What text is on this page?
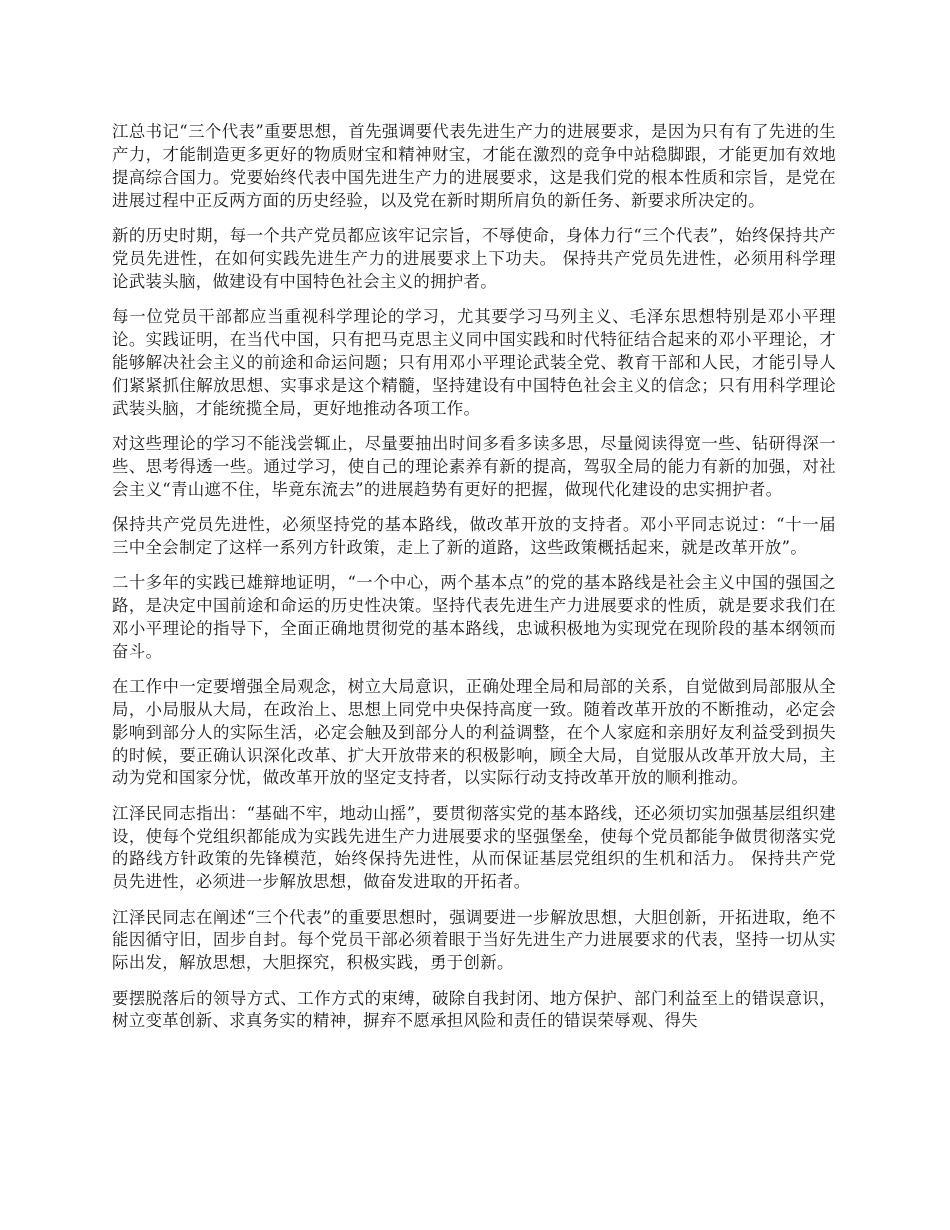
江总书记“三个代表”重要思想，首先强调要代表先进生产力的进展要求，是因为只有有了先进的生产力，才能制造更多更好的物质财宝和精神财宝，才能在激烈的竞争中站稳脚跟，才能更加有效地提高综合国力。党要始终代表中国先进生产力的进展要求，这是我们党的根本性质和宗旨，是党在进展过程中正反两方面的历史经验，以及党在新时期所肩负的新任务、新要求所决定的。

新的历史时期，每一个共产党员都应该牢记宗旨，不辱使命，身体力行“三个代表”，始终保持共产党员先进性，在如何实践先进生产力的进展要求上下功夫。 保持共产党员先进性，必须用科学理论武装头脑，做建设有中国特色社会主义的拥护者。

每一位党员干部都应当重视科学理论的学习，尤其要学习马列主义、毛泽东思想特别是邓小平理论。实践证明，在当代中国，只有把马克思主义同中国实践和时代特征结合起来的邓小平理论，才能够解决社会主义的前途和命运问题；只有用邓小平理论武装全党、教育干部和人民，才能引导人们紧紧抓住解放思想、实事求是这个精髓，坚持建设有中国特色社会主义的信念；只有用科学理论武装头脑，才能统揽全局，更好地推动各项工作。

对这些理论的学习不能浅尝辄止，尽量要抽出时间多看多读多思，尽量阅读得宽一些、钻研得深一些、思考得透一些。通过学习，使自己的理论素养有新的提高，驾驭全局的能力有新的加强，对社会主义“青山遮不住，毕竟东流去”的进展趋势有更好的把握，做现代化建设的忠实拥护者。

保持共产党员先进性，必须坚持党的基本路线，做改革开放的支持者。邓小平同志说过：“十一届三中全会制定了这样一系列方针政策，走上了新的道路，这些政策概括起来，就是改革开放”。

二十多年的实践已雄辩地证明，“一个中心，两个基本点”的党的基本路线是社会主义中国的强国之路，是决定中国前途和命运的历史性决策。坚持代表先进生产力进展要求的性质，就是要求我们在邓小平理论的指导下，全面正确地贯彻党的基本路线，忠诚积极地为实现党在现阶段的基本纲领而奋斗。

在工作中一定要增强全局观念，树立大局意识，正确处理全局和局部的关系，自觉做到局部服从全局，小局服从大局，在政治上、思想上同党中央保持高度一致。随着改革开放的不断推动，必定会影响到部分人的实际生活，必定会触及到部分人的利益调整，在个人家庭和亲朋好友利益受到损失的时候，要正确认识深化改革、扩大开放带来的积极影响，顾全大局，自觉服从改革开放大局，主动为党和国家分忧，做改革开放的坚定支持者，以实际行动支持改革开放的顺利推动。

江泽民同志指出：“基础不牢，地动山摇”，要贯彻落实党的基本路线，还必须切实加强基层组织建设，使每个党组织都能成为实践先进生产力进展要求的坚强堡垒，使每个党员都能争做贯彻落实党的路线方针政策的先锋模范，始终保持先进性，从而保证基层党组织的生机和活力。 保持共产党员先进性，必须进一步解放思想，做奋发进取的开拓者。

江泽民同志在阐述“三个代表”的重要思想时，强调要进一步解放思想，大胆创新，开拓进取，绝不能因循守旧，固步自封。每个党员干部必须着眼于当好先进生产力进展要求的代表，坚持一切从实际出发，解放思想，大胆探究，积极实践，勇于创新。

要摆脱落后的领导方式、工作方式的束缚，破除自我封闭、地方保护、部门利益至上的错误意识，树立变革创新、求真务实的精神，摒弃不愿承担风险和责任的错误荣辱观、得失
